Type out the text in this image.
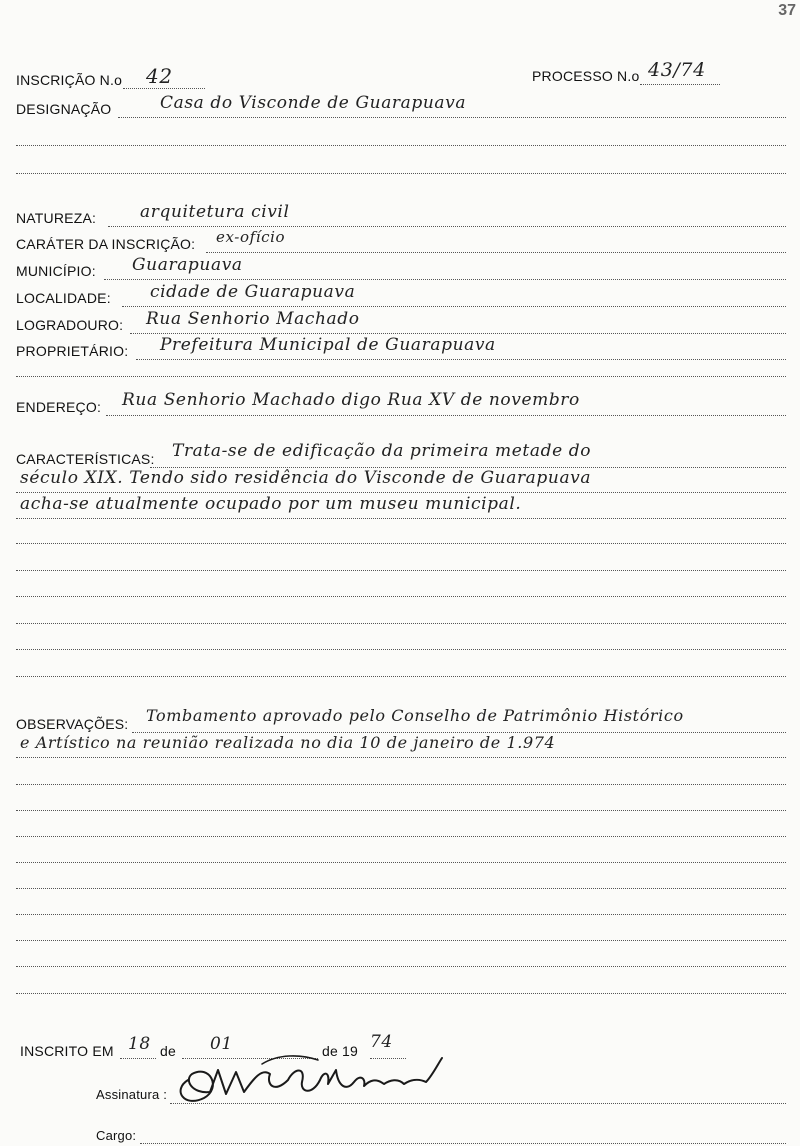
37
INSCRIÇÃO N.o 42	PROCESSO N.o 43/74
DESIGNAÇÃO	Casa do Visconde de Guarapuava
NATUREZA:	arquitetura civil
CARÁTER DA INSCRIÇÃO: ex-ofício
MUNICÍPIO: Guarapuava
LOCALIDADE: cidade de Guarapuava
LOGRADOURO: Rua Senhorio Machado
PROPRIETÁRIO: Prefeitura Municipal de Guarapuava
ENDEREÇO: Rua Senhorio Machado digo Rua XV de novembro
CARACTERÍSTICAS: Trata-se de edificação da primeira metade do
século XIX. Tendo sido residência do Visconde de Guarapuava
acha-se atualmente ocupado por um museu municipal.
OBSERVAÇÕES: Tombamento aprovado pelo Conselho de Patrimônio Histórico
e Artístico na reunião realizada no dia 10 de janeiro de 1.974
INSCRITO EM 18 de 01	de 19 74
Assinatura :
Cargo:
